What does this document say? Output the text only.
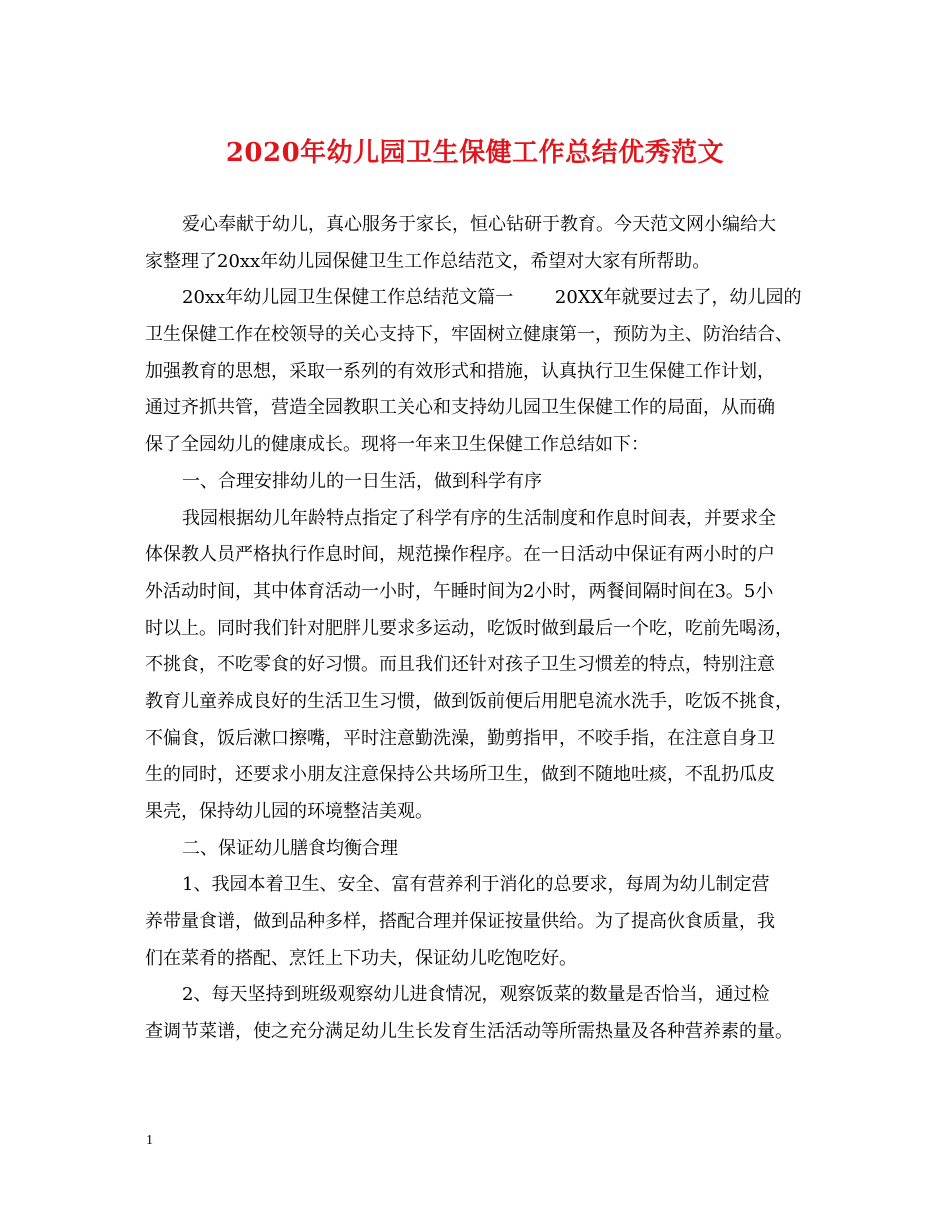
2020年幼儿园卫生保健工作总结优秀范文
爱心奉献于幼儿，真心服务于家长，恒心钻研于教育。今天范文网小编给大
家整理了20xx年幼儿园保健卫生工作总结范文，希望对大家有所帮助。
20xx年幼儿园卫生保健工作总结范文篇一　　 20XX年就要过去了，幼儿园的
卫生保健工作在校领导的关心支持下，牢固树立健康第一，预防为主、防治结合、
加强教育的思想，采取一系列的有效形式和措施，认真执行卫生保健工作计划，
通过齐抓共管，营造全园教职工关心和支持幼儿园卫生保健工作的局面，从而确
保了全园幼儿的健康成长。现将一年来卫生保健工作总结如下：
一、合理安排幼儿的一日生活，做到科学有序
我园根据幼儿年龄特点指定了科学有序的生活制度和作息时间表，并要求全
体保教人员严格执行作息时间，规范操作程序。在一日活动中保证有两小时的户
外活动时间，其中体育活动一小时，午睡时间为2小时，两餐间隔时间在3。5小
时以上。同时我们针对肥胖儿要求多运动，吃饭时做到最后一个吃，吃前先喝汤，
不挑食，不吃零食的好习惯。而且我们还针对孩子卫生习惯差的特点，特别注意
教育儿童养成良好的生活卫生习惯，做到饭前便后用肥皂流水洗手，吃饭不挑食，
不偏食，饭后漱口擦嘴，平时注意勤洗澡，勤剪指甲，不咬手指，在注意自身卫
生的同时，还要求小朋友注意保持公共场所卫生，做到不随地吐痰，不乱扔瓜皮
果壳，保持幼儿园的环境整洁美观。
二、保证幼儿膳食均衡合理
1、我园本着卫生、安全、富有营养利于消化的总要求，每周为幼儿制定营
养带量食谱，做到品种多样，搭配合理并保证按量供给。为了提高伙食质量，我
们在菜肴的搭配、烹饪上下功夫，保证幼儿吃饱吃好。
2、每天坚持到班级观察幼儿进食情况，观察饭菜的数量是否恰当，通过检
查调节菜谱，使之充分满足幼儿生长发育生活活动等所需热量及各种营养素的量。
1
